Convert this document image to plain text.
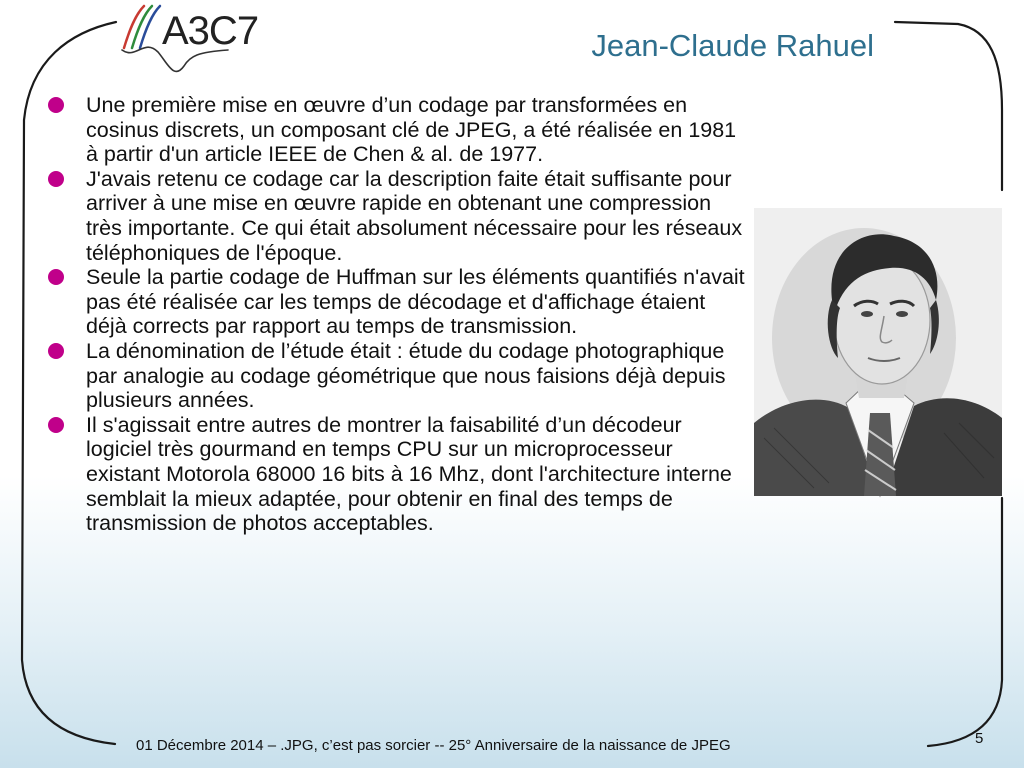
A3C7	Jean-Claude Rahuel
Une première mise en œuvre d’un codage par transformées en cosinus discrets, un composant clé de JPEG, a été réalisée en 1981 à partir d'un article IEEE de Chen & al. de 1977.
J'avais retenu ce codage car la description faite était suffisante pour arriver à une mise en œuvre rapide en obtenant une compression très importante. Ce qui était absolument nécessaire pour les réseaux téléphoniques de l'époque.
Seule la partie codage de Huffman sur les éléments quantifiés n'avait pas été réalisée car les temps de décodage et d'affichage étaient déjà corrects par rapport au temps de transmission.
La dénomination de l’étude était : étude du codage photographique par analogie au codage géométrique que nous faisions déjà depuis plusieurs années.
Il s'agissait entre autres de montrer la faisabilité d’un décodeur logiciel très gourmand en temps CPU sur un microprocesseur existant Motorola 68000 16 bits à 16 Mhz, dont l'architecture interne semblait la mieux adaptée, pour obtenir en final des temps de transmission de photos acceptables.
01 Décembre 2014 – .JPG, c’est pas sorcier -- 25° Anniversaire de la naissance de JPEG	5
